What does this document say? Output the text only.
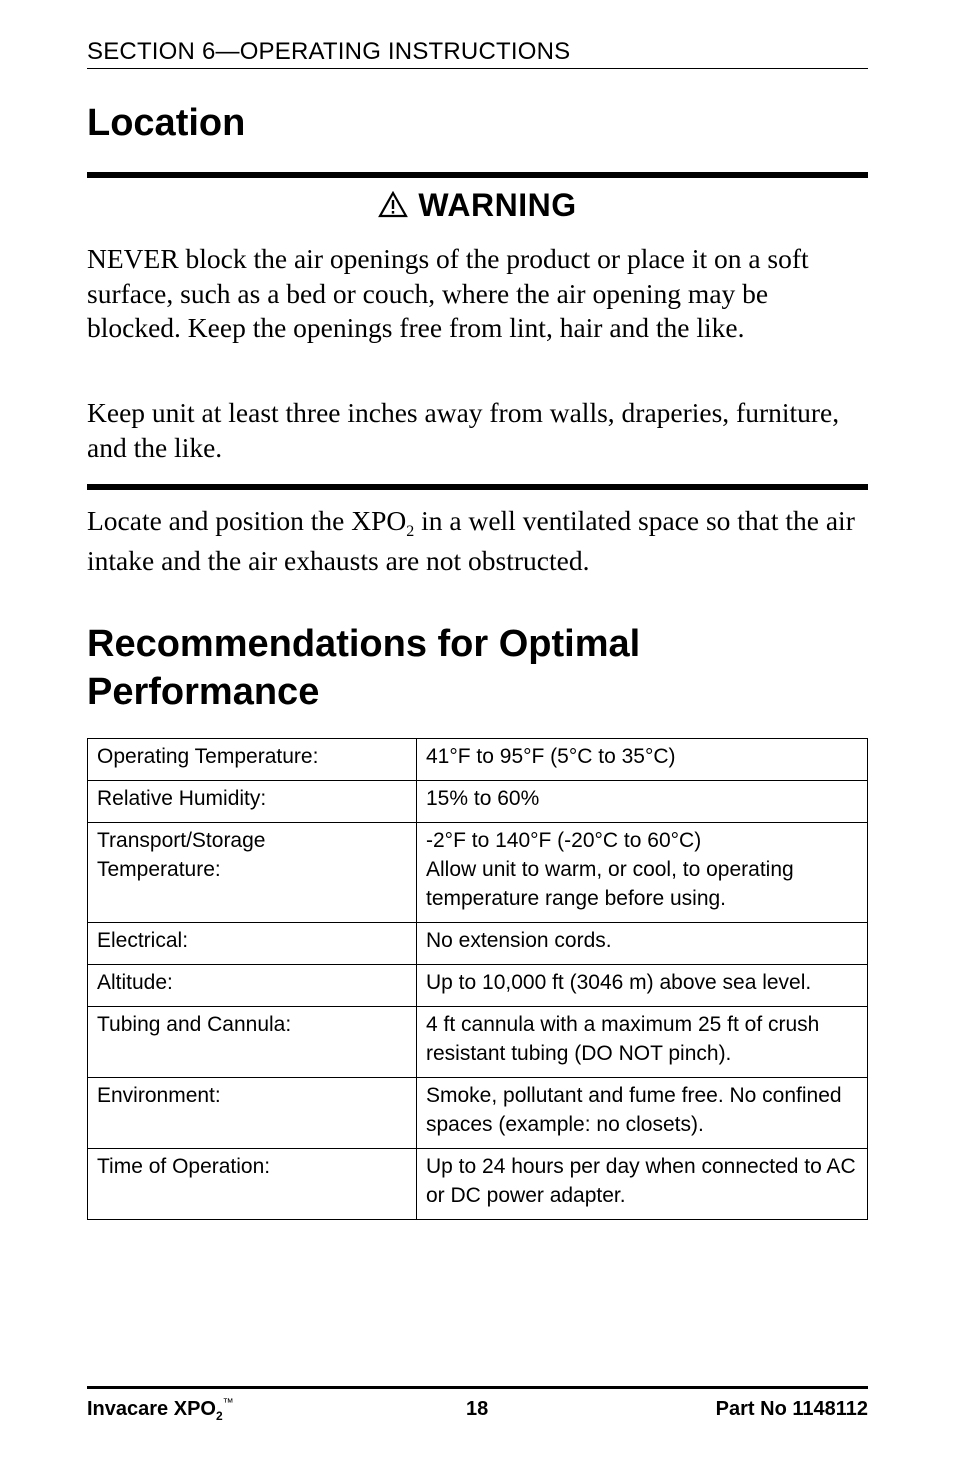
SECTION 6—OPERATING INSTRUCTIONS
Location
WARNING

NEVER block the air openings of the product or place it on a soft surface, such as a bed or couch, where the air opening may be blocked. Keep the openings free from lint, hair and the like.

Keep unit at least three inches away from walls, draperies, furniture, and the like.

Locate and position the $XPO_2$ in a well ventilated space so that the air intake and the air exhausts are not obstructed.

Recommendations for Optimal Performance
Operating Temperature:	41°F to 95°F (5°C to 35°C)
Relative Humidity:	15% to 60%
Transport/Storage Temperature:	-2°F to 140°F (-20°C to 60°C)
Allow unit to warm, or cool, to operating temperature range before using.
Electrical:	No extension cords.
Altitude:	Up to 10,000 ft (3046 m) above sea level.
Tubing and Cannula:	4 ft cannula with a maximum 25 ft of crush resistant tubing (DO NOT pinch).
Environment:	Smoke, pollutant and fume free. No confined spaces (example: no closets).
Time of Operation:	Up to 24 hours per day when connected to AC or DC power adapter.
Invacare $XPO_2™$	18	Part No 1148112
